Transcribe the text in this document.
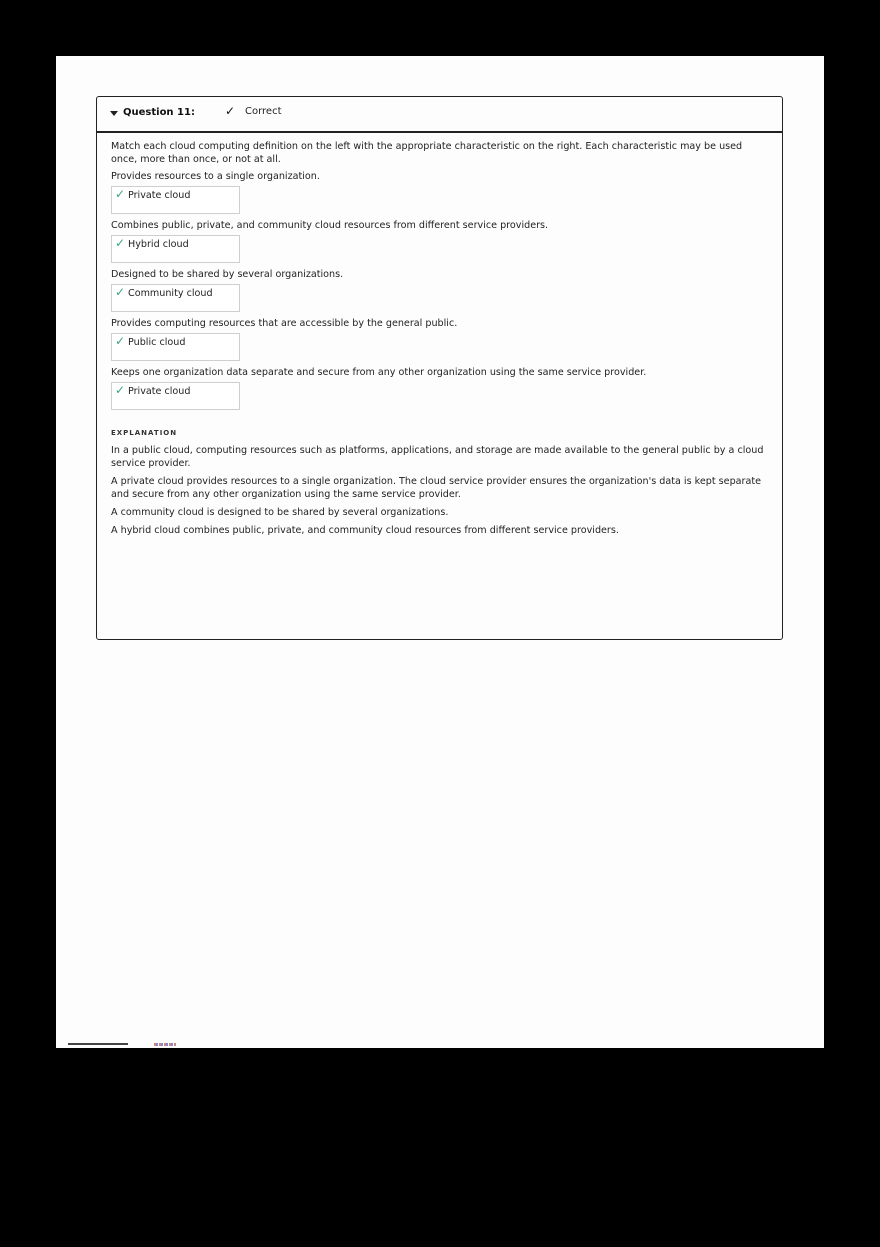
Question 11:	✓ Correct

Match each cloud computing definition on the left with the appropriate characteristic on the right. Each characteristic may be used once, more than once, or not at all.

Provides resources to a single organization.

✓ Private cloud

Combines public, private, and community cloud resources from different service providers.

✓ Hybrid cloud

Designed to be shared by several organizations.

✓ Community cloud

Provides computing resources that are accessible by the general public.

✓ Public cloud

Keeps one organization data separate and secure from any other organization using the same service provider.

✓ Private cloud
EXPLANATION

In a public cloud, computing resources such as platforms, applications, and storage are made available to the general public by a cloud service provider.

A private cloud provides resources to a single organization. The cloud service provider ensures the organization's data is kept separate and secure from any other organization using the same service provider.

A community cloud is designed to be shared by several organizations.

A hybrid cloud combines public, private, and community cloud resources from different service providers.
